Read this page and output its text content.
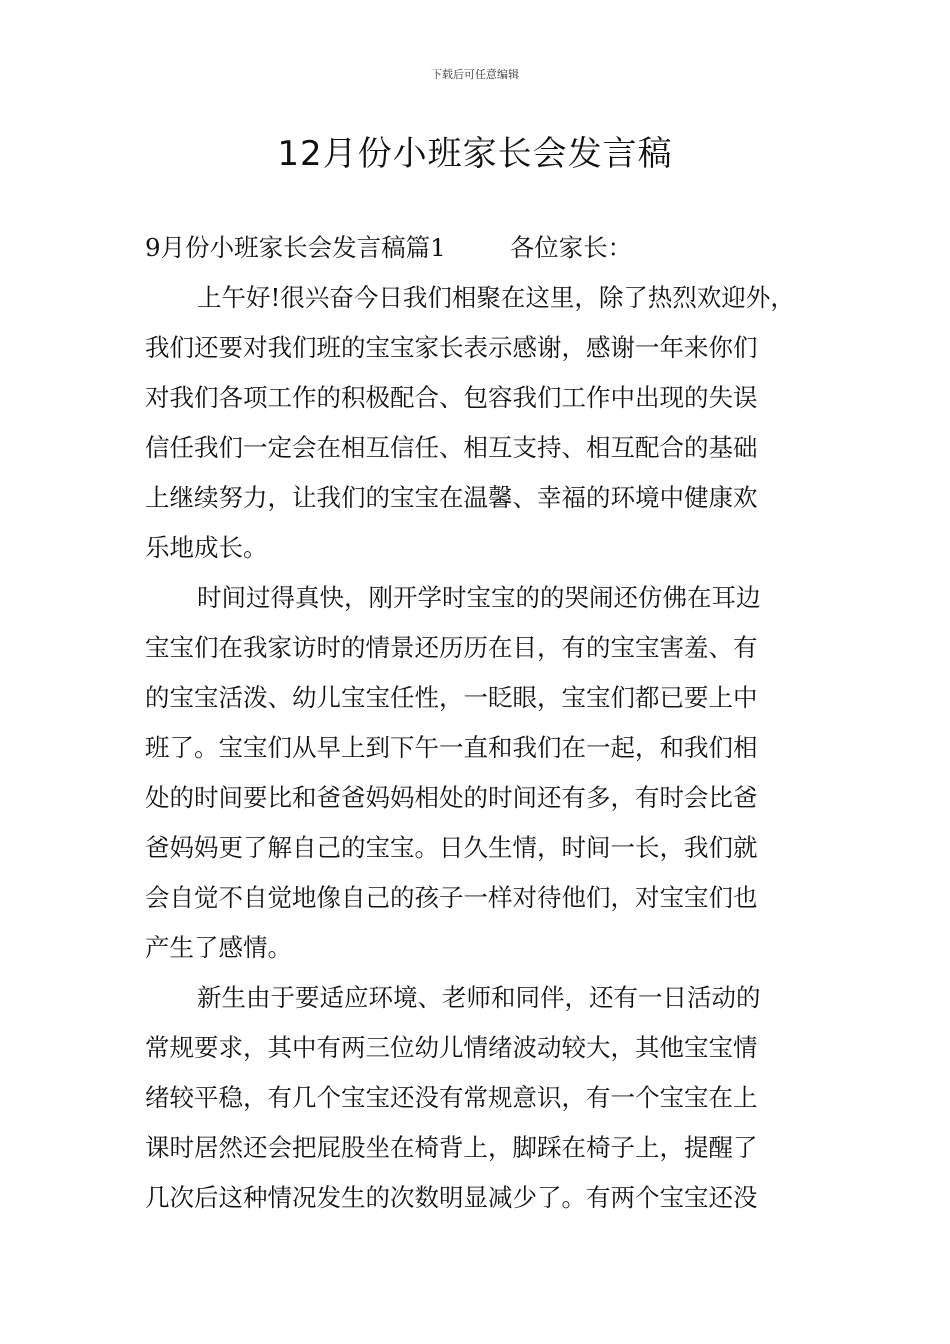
下载后可任意编辑
12月份小班家长会发言稿
9月份小班家长会发言稿篇1	各位家长：
上午好!很兴奋今日我们相聚在这里，除了热烈欢迎外，
我们还要对我们班的宝宝家长表示感谢，感谢一年来你们
对我们各项工作的积极配合、包容我们工作中出现的失误
信任我们一定会在相互信任、相互支持、相互配合的基础
上继续努力，让我们的宝宝在温馨、幸福的环境中健康欢
乐地成长。
时间过得真快，刚开学时宝宝的的哭闹还仿佛在耳边
宝宝们在我家访时的情景还历历在目，有的宝宝害羞、有
的宝宝活泼、幼儿宝宝任性，一眨眼，宝宝们都已要上中
班了。宝宝们从早上到下午一直和我们在一起，和我们相
处的时间要比和爸爸妈妈相处的时间还有多，有时会比爸
爸妈妈更了解自己的宝宝。日久生情，时间一长，我们就
会自觉不自觉地像自己的孩子一样对待他们，对宝宝们也
产生了感情。
新生由于要适应环境、老师和同伴，还有一日活动的
常规要求，其中有两三位幼儿情绪波动较大，其他宝宝情
绪较平稳，有几个宝宝还没有常规意识，有一个宝宝在上
课时居然还会把屁股坐在椅背上，脚踩在椅子上，提醒了
几次后这种情况发生的次数明显减少了。有两个宝宝还没
